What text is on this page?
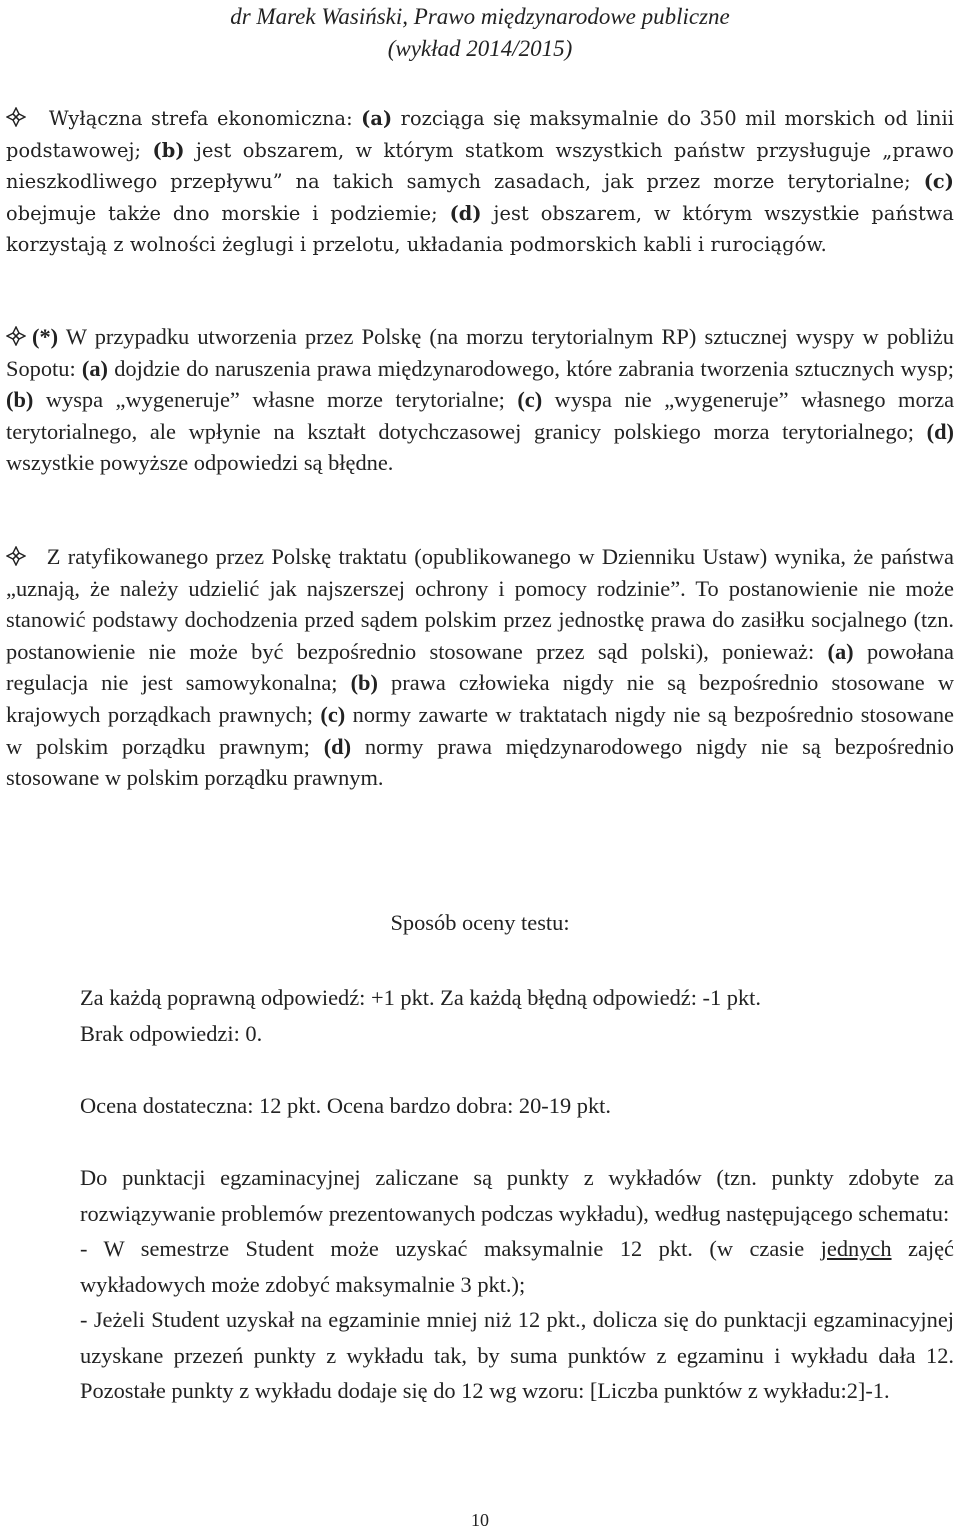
dr Marek Wasiński, Prawo międzynarodowe publiczne
(wykład 2014/2015)
Wyłączna strefa ekonomiczna: (a) rozciąga się maksymalnie do 350 mil morskich od linii podstawowej; (b) jest obszarem, w którym statkom wszystkich państw przysługuje „prawo nieszkodliwego przepływu” na takich samych zasadach, jak przez morze terytorialne; (c) obejmuje także dno morskie i podziemie; (d) jest obszarem, w którym wszystkie państwa korzystają z wolności żeglugi i przelotu, układania podmorskich kabli i rurociągów.
(*) W przypadku utworzenia przez Polskę (na morzu terytorialnym RP) sztucznej wyspy w pobliżu Sopotu: (a) dojdzie do naruszenia prawa międzynarodowego, które zabrania tworzenia sztucznych wysp; (b) wyspa „wygeneruje” własne morze terytorialne; (c) wyspa nie „wygeneruje” własnego morza terytorialnego, ale wpłynie na kształt dotychczasowej granicy polskiego morza terytorialnego; (d) wszystkie powyższe odpowiedzi są błędne.
Z ratyfikowanego przez Polskę traktatu (opublikowanego w Dzienniku Ustaw) wynika, że państwa „uznają, że należy udzielić jak najszerszej ochrony i pomocy rodzinie”. To postanowienie nie może stanowić podstawy dochodzenia przed sądem polskim przez jednostkę prawa do zasiłku socjalnego (tzn. postanowienie nie może być bezpośrednio stosowane przez sąd polski), ponieważ: (a) powołana regulacja nie jest samowykonalna; (b) prawa człowieka nigdy nie są bezpośrednio stosowane w krajowych porządkach prawnych; (c) normy zawarte w traktatach nigdy nie są bezpośrednio stosowane w polskim porządku prawnym; (d) normy prawa międzynarodowego nigdy nie są bezpośrednio stosowane w polskim porządku prawnym.
Sposób oceny testu:
Za każdą poprawną odpowiedź: +1 pkt. Za każdą błędną odpowiedź: -1 pkt.
Brak odpowiedzi: 0.
Ocena dostateczna: 12 pkt. Ocena bardzo dobra: 20-19 pkt.
Do punktacji egzaminacyjnej zaliczane są punkty z wykładów (tzn. punkty zdobyte za rozwiązywanie problemów prezentowanych podczas wykładu), według następującego schematu:
- W semestrze Student może uzyskać maksymalnie 12 pkt. (w czasie jednych zajęć wykładowych może zdobyć maksymalnie 3 pkt.);
- Jeżeli Student uzyskał na egzaminie mniej niż 12 pkt., dolicza się do punktacji egzaminacyjnej uzyskane przezeń punkty z wykładu tak, by suma punktów z egzaminu i wykładu dała 12. Pozostałe punkty z wykładu dodaje się do 12 wg wzoru: [Liczba punktów z wykładu:2]-1.
10
